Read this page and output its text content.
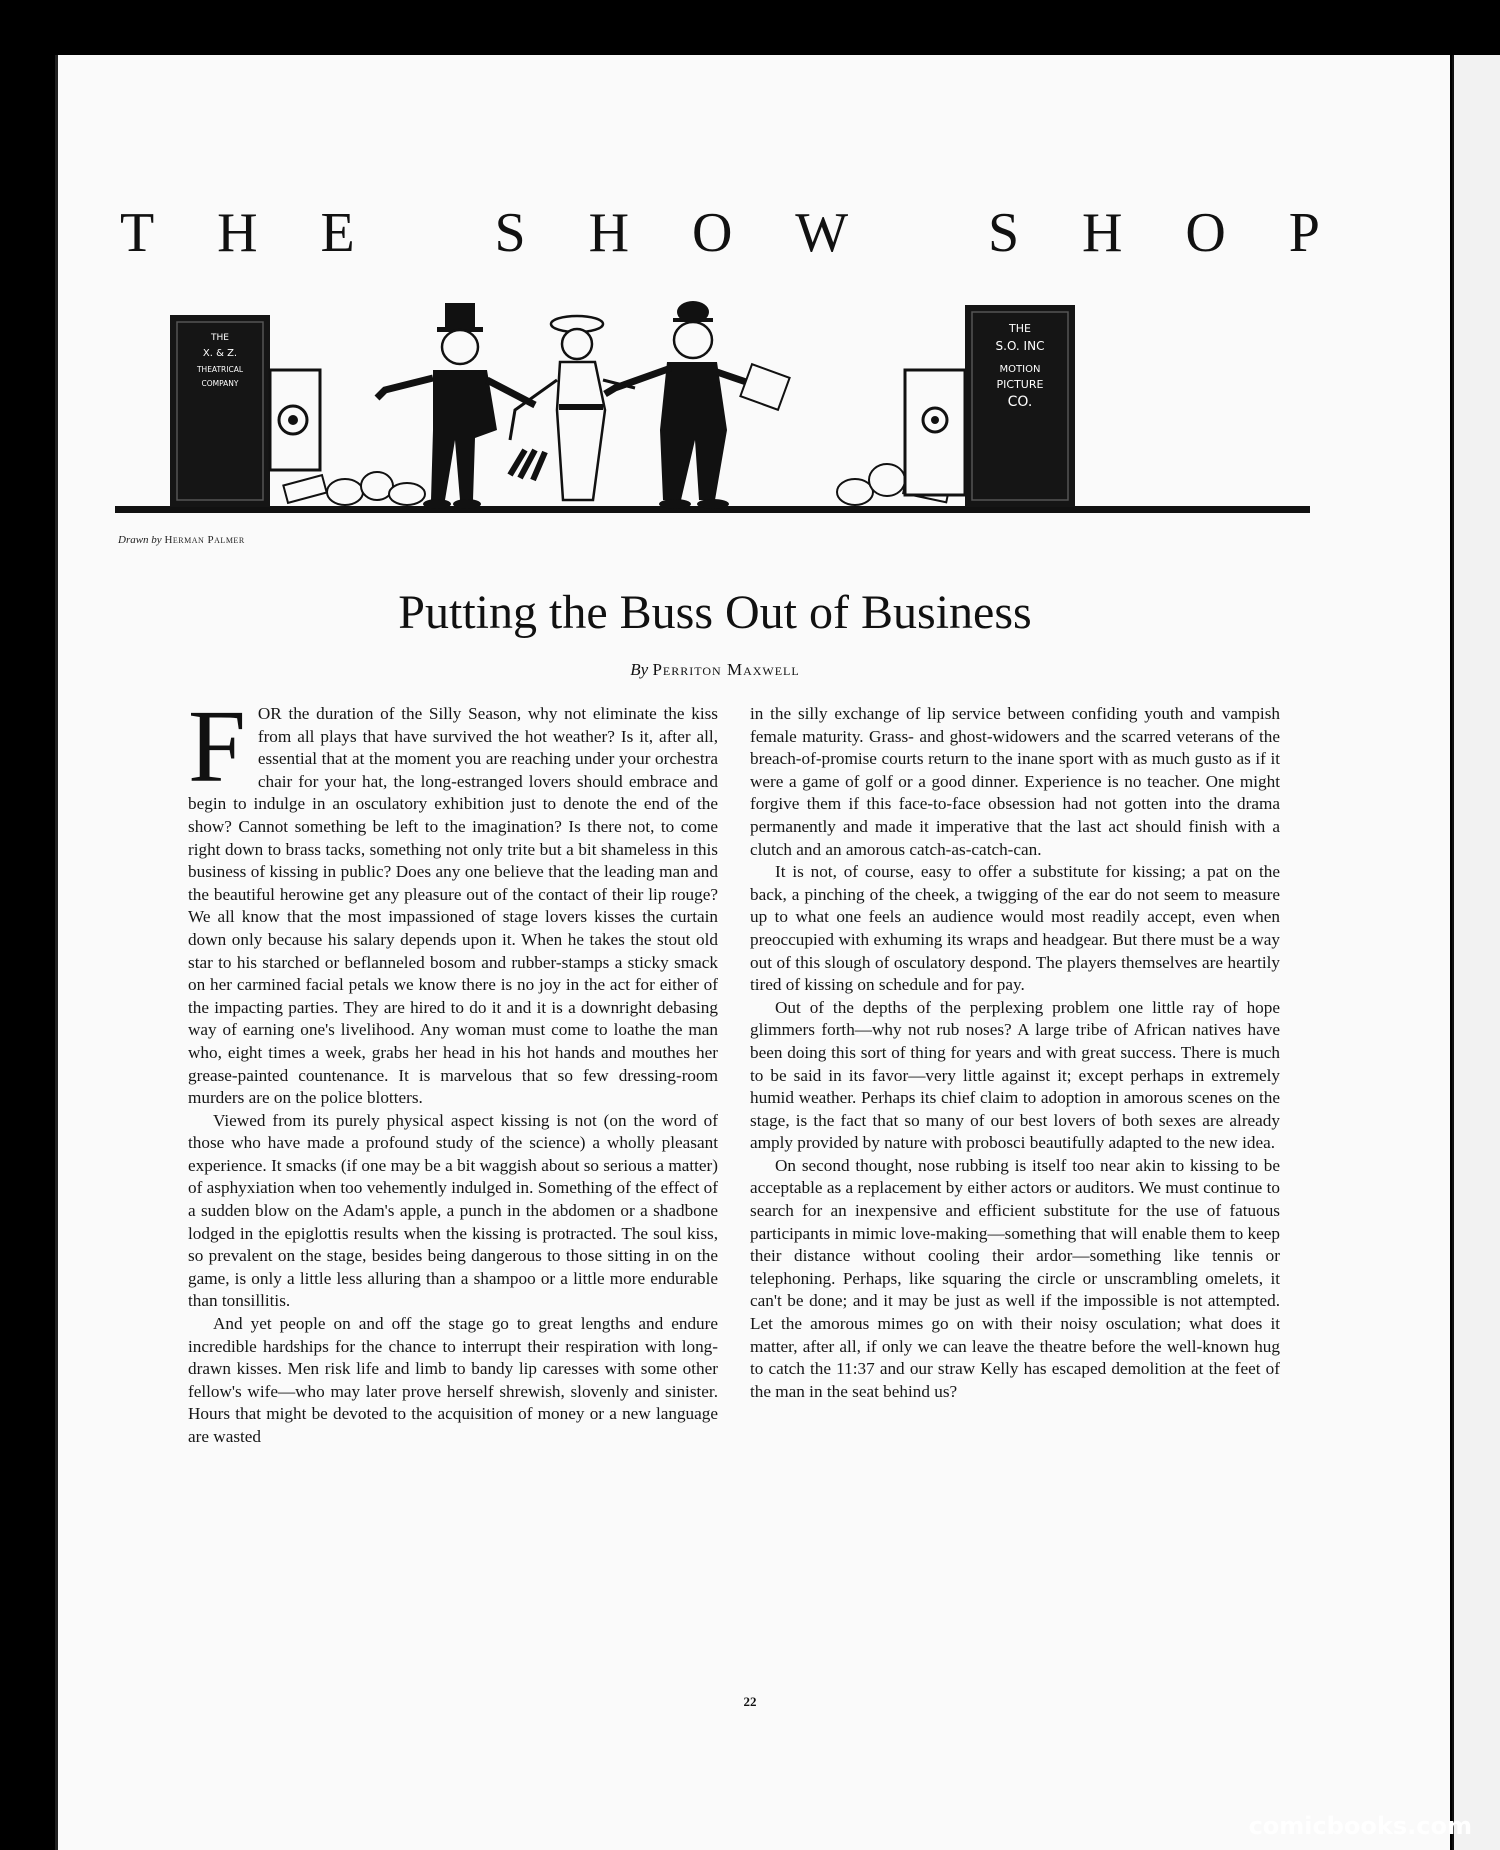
T H E
S H O W
S H O P
THE
X. & Z.
THEATRICAL
COMPANY
THE
S.O. INC
MOTION
PICTURE
CO.
Drawn by Herman Palmer
Putting the Buss Out of Business
By Perriton Maxwell

FOR the duration of the Silly Season, why not eliminate the kiss from all plays that have survived the hot weather? Is it, after all, essential that at the moment you are reaching under your orchestra chair for your hat, the long-estranged lovers should embrace and begin to indulge in an osculatory exhibition just to denote the end of the show? Cannot something be left to the imagination? Is there not, to come right down to brass tacks, something not only trite but a bit shameless in this business of kissing in public? Does any one believe that the leading man and the beautiful herowine get any pleasure out of the contact of their lip rouge? We all know that the most impassioned of stage lovers kisses the curtain down only because his salary depends upon it. When he takes the stout old star to his starched or beflanneled bosom and rubber-stamps a sticky smack on her carmined facial petals we know there is no joy in the act for either of the impacting parties. They are hired to do it and it is a downright debasing way of earning one's livelihood. Any woman must come to loathe the man who, eight times a week, grabs her head in his hot hands and mouthes her grease-painted countenance. It is marvelous that so few dressing-room murders are on the police blotters.

Viewed from its purely physical aspect kissing is not (on the word of those who have made a profound study of the science) a wholly pleasant experience. It smacks (if one may be a bit waggish about so serious a matter) of asphyxiation when too vehemently indulged in. Something of the effect of a sudden blow on the Adam's apple, a punch in the abdomen or a shadbone lodged in the epiglottis results when the kissing is protracted. The soul kiss, so prevalent on the stage, besides being dangerous to those sitting in on the game, is only a little less alluring than a shampoo or a little more endurable than tonsillitis.

And yet people on and off the stage go to great lengths and endure incredible hardships for the chance to interrupt their respiration with long-drawn kisses. Men risk life and limb to bandy lip caresses with some other fellow's wife—who may later prove herself shrewish, slovenly and sinister. Hours that might be devoted to the acquisition of money or a new language are wasted

in the silly exchange of lip service between confiding youth and vampish female maturity. Grass- and ghost-widowers and the scarred veterans of the breach-of-promise courts return to the inane sport with as much gusto as if it were a game of golf or a good dinner. Experience is no teacher. One might forgive them if this face-to-face obsession had not gotten into the drama permanently and made it imperative that the last act should finish with a clutch and an amorous catch-as-catch-can.

It is not, of course, easy to offer a substitute for kissing; a pat on the back, a pinching of the cheek, a twigging of the ear do not seem to measure up to what one feels an audience would most readily accept, even when preoccupied with exhuming its wraps and headgear. But there must be a way out of this slough of osculatory despond. The players themselves are heartily tired of kissing on schedule and for pay.

Out of the depths of the perplexing problem one little ray of hope glimmers forth—why not rub noses? A large tribe of African natives have been doing this sort of thing for years and with great success. There is much to be said in its favor—very little against it; except perhaps in extremely humid weather. Perhaps its chief claim to adoption in amorous scenes on the stage, is the fact that so many of our best lovers of both sexes are already amply provided by nature with probosci beautifully adapted to the new idea.

On second thought, nose rubbing is itself too near akin to kissing to be acceptable as a replacement by either actors or auditors. We must continue to search for an inexpensive and efficient substitute for the use of fatuous participants in mimic love-making—something that will enable them to keep their distance without cooling their ardor—something like tennis or telephoning. Perhaps, like squaring the circle or unscrambling omelets, it can't be done; and it may be just as well if the impossible is not attempted. Let the amorous mimes go on with their noisy osculation; what does it matter, after all, if only we can leave the theatre before the well-known hug to catch the 11:37 and our straw Kelly has escaped demolition at the feet of the man in the seat behind us?

22
comicbooks.com
